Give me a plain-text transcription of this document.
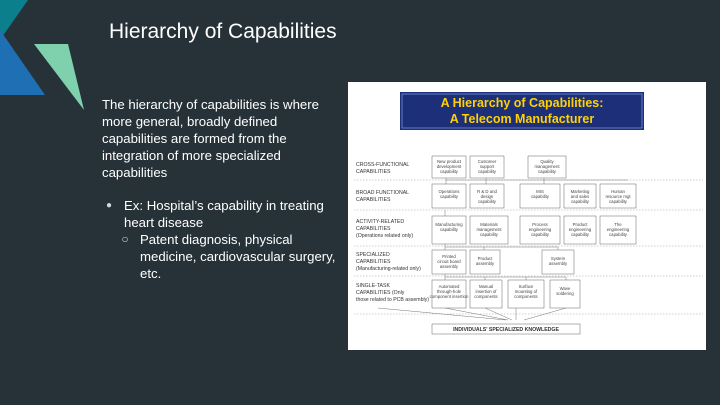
Hierarchy of Capabilities

The hierarchy of capabilities is where more general, broadly defined capabilities are formed from the integration of more specialized capabilities

● Ex: Hospital’s capability in treating heart disease
○ Patent diagnosis, physical medicine, cardiovascular surgery, etc.
A Hierarchy of Capabilities:
A Telecom Manufacturer
CROSS-FUNCTIONAL
CAPABILITIES
BROAD FUNCTIONAL
CAPABILITIES
ACTIVITY-RELATED
CAPABILITIES
(Operations related only)
SPECIALIZED
CAPABILITIES
(Manufacturing-related only)
SINGLE-TASK
CAPABILITIES (Only
those related to PCB assembly)
New product
development
capability
Customer
support
capability
Quality
management
capability
Operations
capability
R & D and
design
capability
MIS
capability
Marketing
and sales
capability
Human
resource mgt
capability
Manufacturing
capability
Materials
management
capability
Process
engineering
capability
Product
engineering
capability
The
engineering
capability
Printed
circuit board
assembly
Product
assembly
System
assembly
Automated
through-hole
component insertion
Manual
insertion of
components
Surface
mounting of
components
Wave
soldering
INDIVIDUALS' SPECIALIZED KNOWLEDGE
